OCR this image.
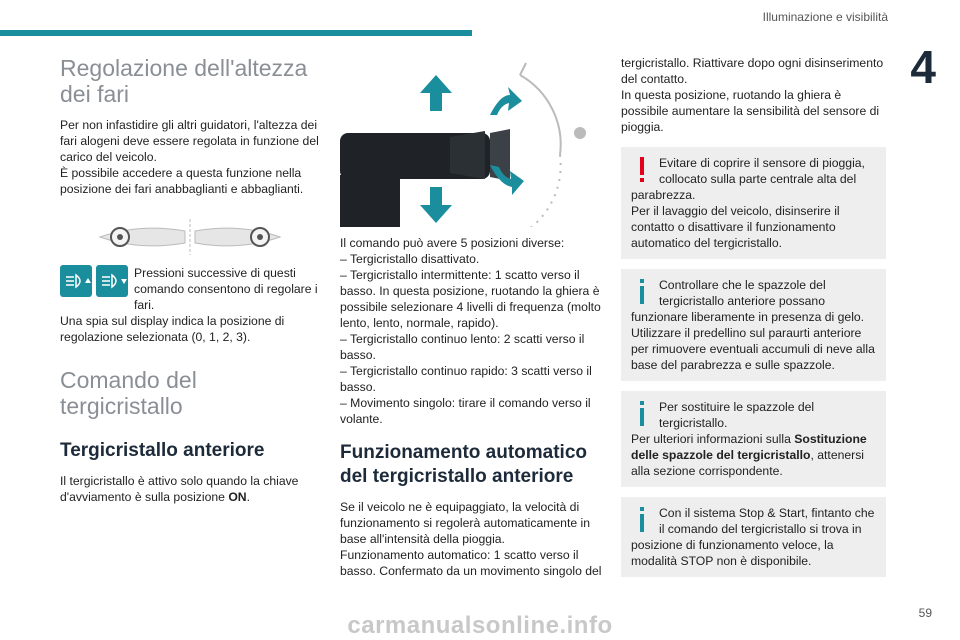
Illuminazione e visibilità
4
Regolazione dell'altezza dei fari

Per non infastidire gli altri guidatori, l'altezza dei fari alogeni deve essere regolata in funzione del carico del veicolo.

È possibile accedere a questa funzione nella posizione dei fari anabbaglianti e abbaglianti.

Pressioni successive di questi comando consentono di regolare i fari.

Una spia sul display indica la posizione di regolazione selezionata (0, 1, 2, 3).

Comando del tergicristallo
Tergicristallo anteriore

Il tergicristallo è attivo solo quando la chiave d'avviamento è sulla posizione ON.

Il comando può avere 5 posizioni diverse:

– Tergicristallo disattivato.

– Tergicristallo intermittente: 1 scatto verso il basso. In questa posizione, ruotando la ghiera è possibile selezionare 4 livelli di frequenza (molto lento, lento, normale, rapido).

– Tergicristallo continuo lento: 2 scatti verso il basso.

– Tergicristallo continuo rapido: 3 scatti verso il basso.

– Movimento singolo: tirare il comando verso il volante.

Funzionamento automatico del tergicristallo anteriore

Se il veicolo ne è equipaggiato, la velocità di funzionamento si regolerà automaticamente in base all'intensità della pioggia.

Funzionamento automatico: 1 scatto verso il basso. Confermato da un movimento singolo del

tergicristallo. Riattivare dopo ogni disinserimento del contatto.

In questa posizione, ruotando la ghiera è possibile aumentare la sensibilità del sensore di pioggia.

Evitare di coprire il sensore di pioggia, collocato sulla parte centrale alta del parabrezza.

Per il lavaggio del veicolo, disinserire il contatto o disattivare il funzionamento automatico del tergicristallo.

Controllare che le spazzole del tergicristallo anteriore possano funzionare liberamente in presenza di gelo.

Utilizzare il predellino sul paraurti anteriore per rimuovere eventuali accumuli di neve alla base del parabrezza e sulle spazzole.

Per sostituire le spazzole del tergicristallo.

Per ulteriori informazioni sulla Sostituzione delle spazzole del tergicristallo, attenersi alla sezione corrispondente.

Con il sistema Stop & Start, fintanto che il comando del tergicristallo si trova in posizione di funzionamento veloce, la modalità STOP non è disponibile.

59
carmanualsonline.info
